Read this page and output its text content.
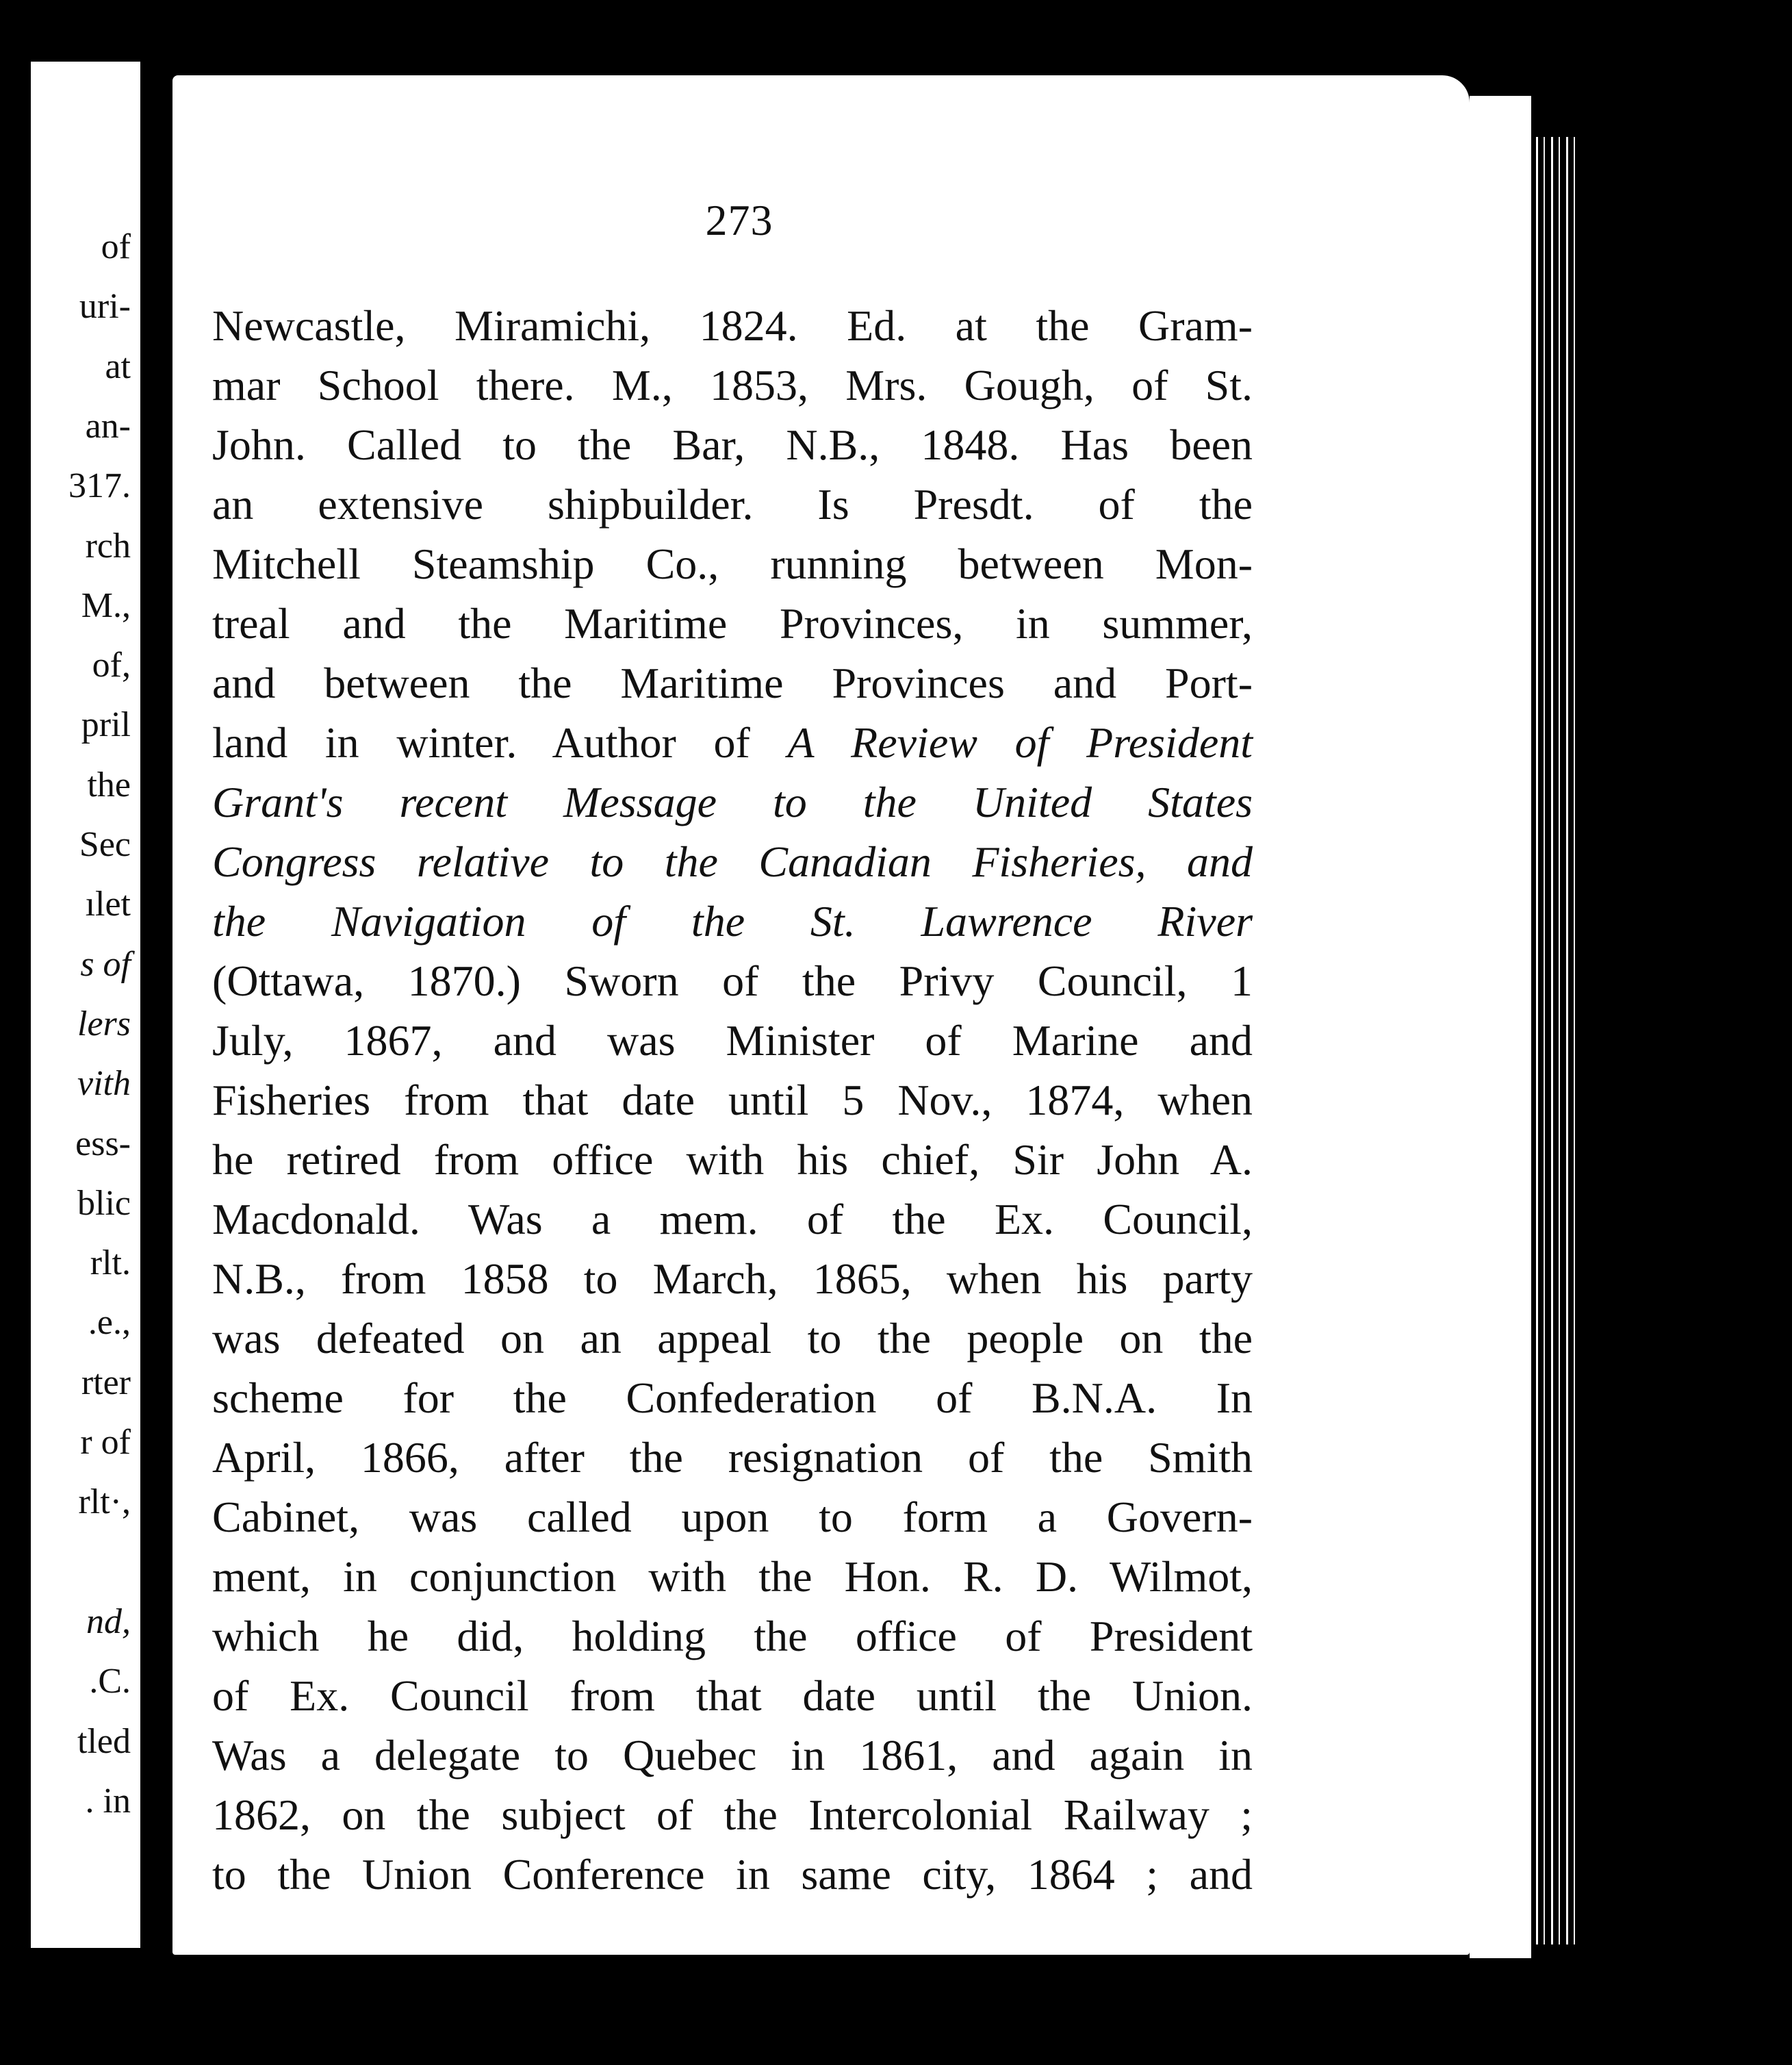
of
uri-
at
an-
317.
rch
M.,
of,
pril
the
Sec
ılet
s of
lers
vith
ess-
blic
rlt.
.e.,
rter
r of
rlt·,
nd,
.C.
tled
. in
273
Newcastle, Miramichi, 1824. Ed. at the Gram-
mar School there. M., 1853, Mrs. Gough, of St.
John. Called to the Bar, N.B., 1848. Has been
an extensive shipbuilder. Is Presdt. of the
Mitchell Steamship Co., running between Mon-
treal and the Maritime Provinces, in summer,
and between the Maritime Provinces and Port-
land in winter. Author of A Review of President
Grant's recent Message to the United States
Congress relative to the Canadian Fisheries, and
the Navigation of the St. Lawrence River
(Ottawa, 1870.) Sworn of the Privy Council, 1
July, 1867, and was Minister of Marine and
Fisheries from that date until 5 Nov., 1874, when
he retired from office with his chief, Sir John A.
Macdonald. Was a mem. of the Ex. Council,
N.B., from 1858 to March, 1865, when his party
was defeated on an appeal to the people on the
scheme for the Confederation of B.N.A. In
April, 1866, after the resignation of the Smith
Cabinet, was called upon to form a Govern-
ment, in conjunction with the Hon. R. D. Wilmot,
which he did, holding the office of President
of Ex. Council from that date until the Union.
Was a delegate to Quebec in 1861, and again in
1862, on the subject of the Intercolonial Railway ;
to the Union Conference in same city, 1864 ; and
